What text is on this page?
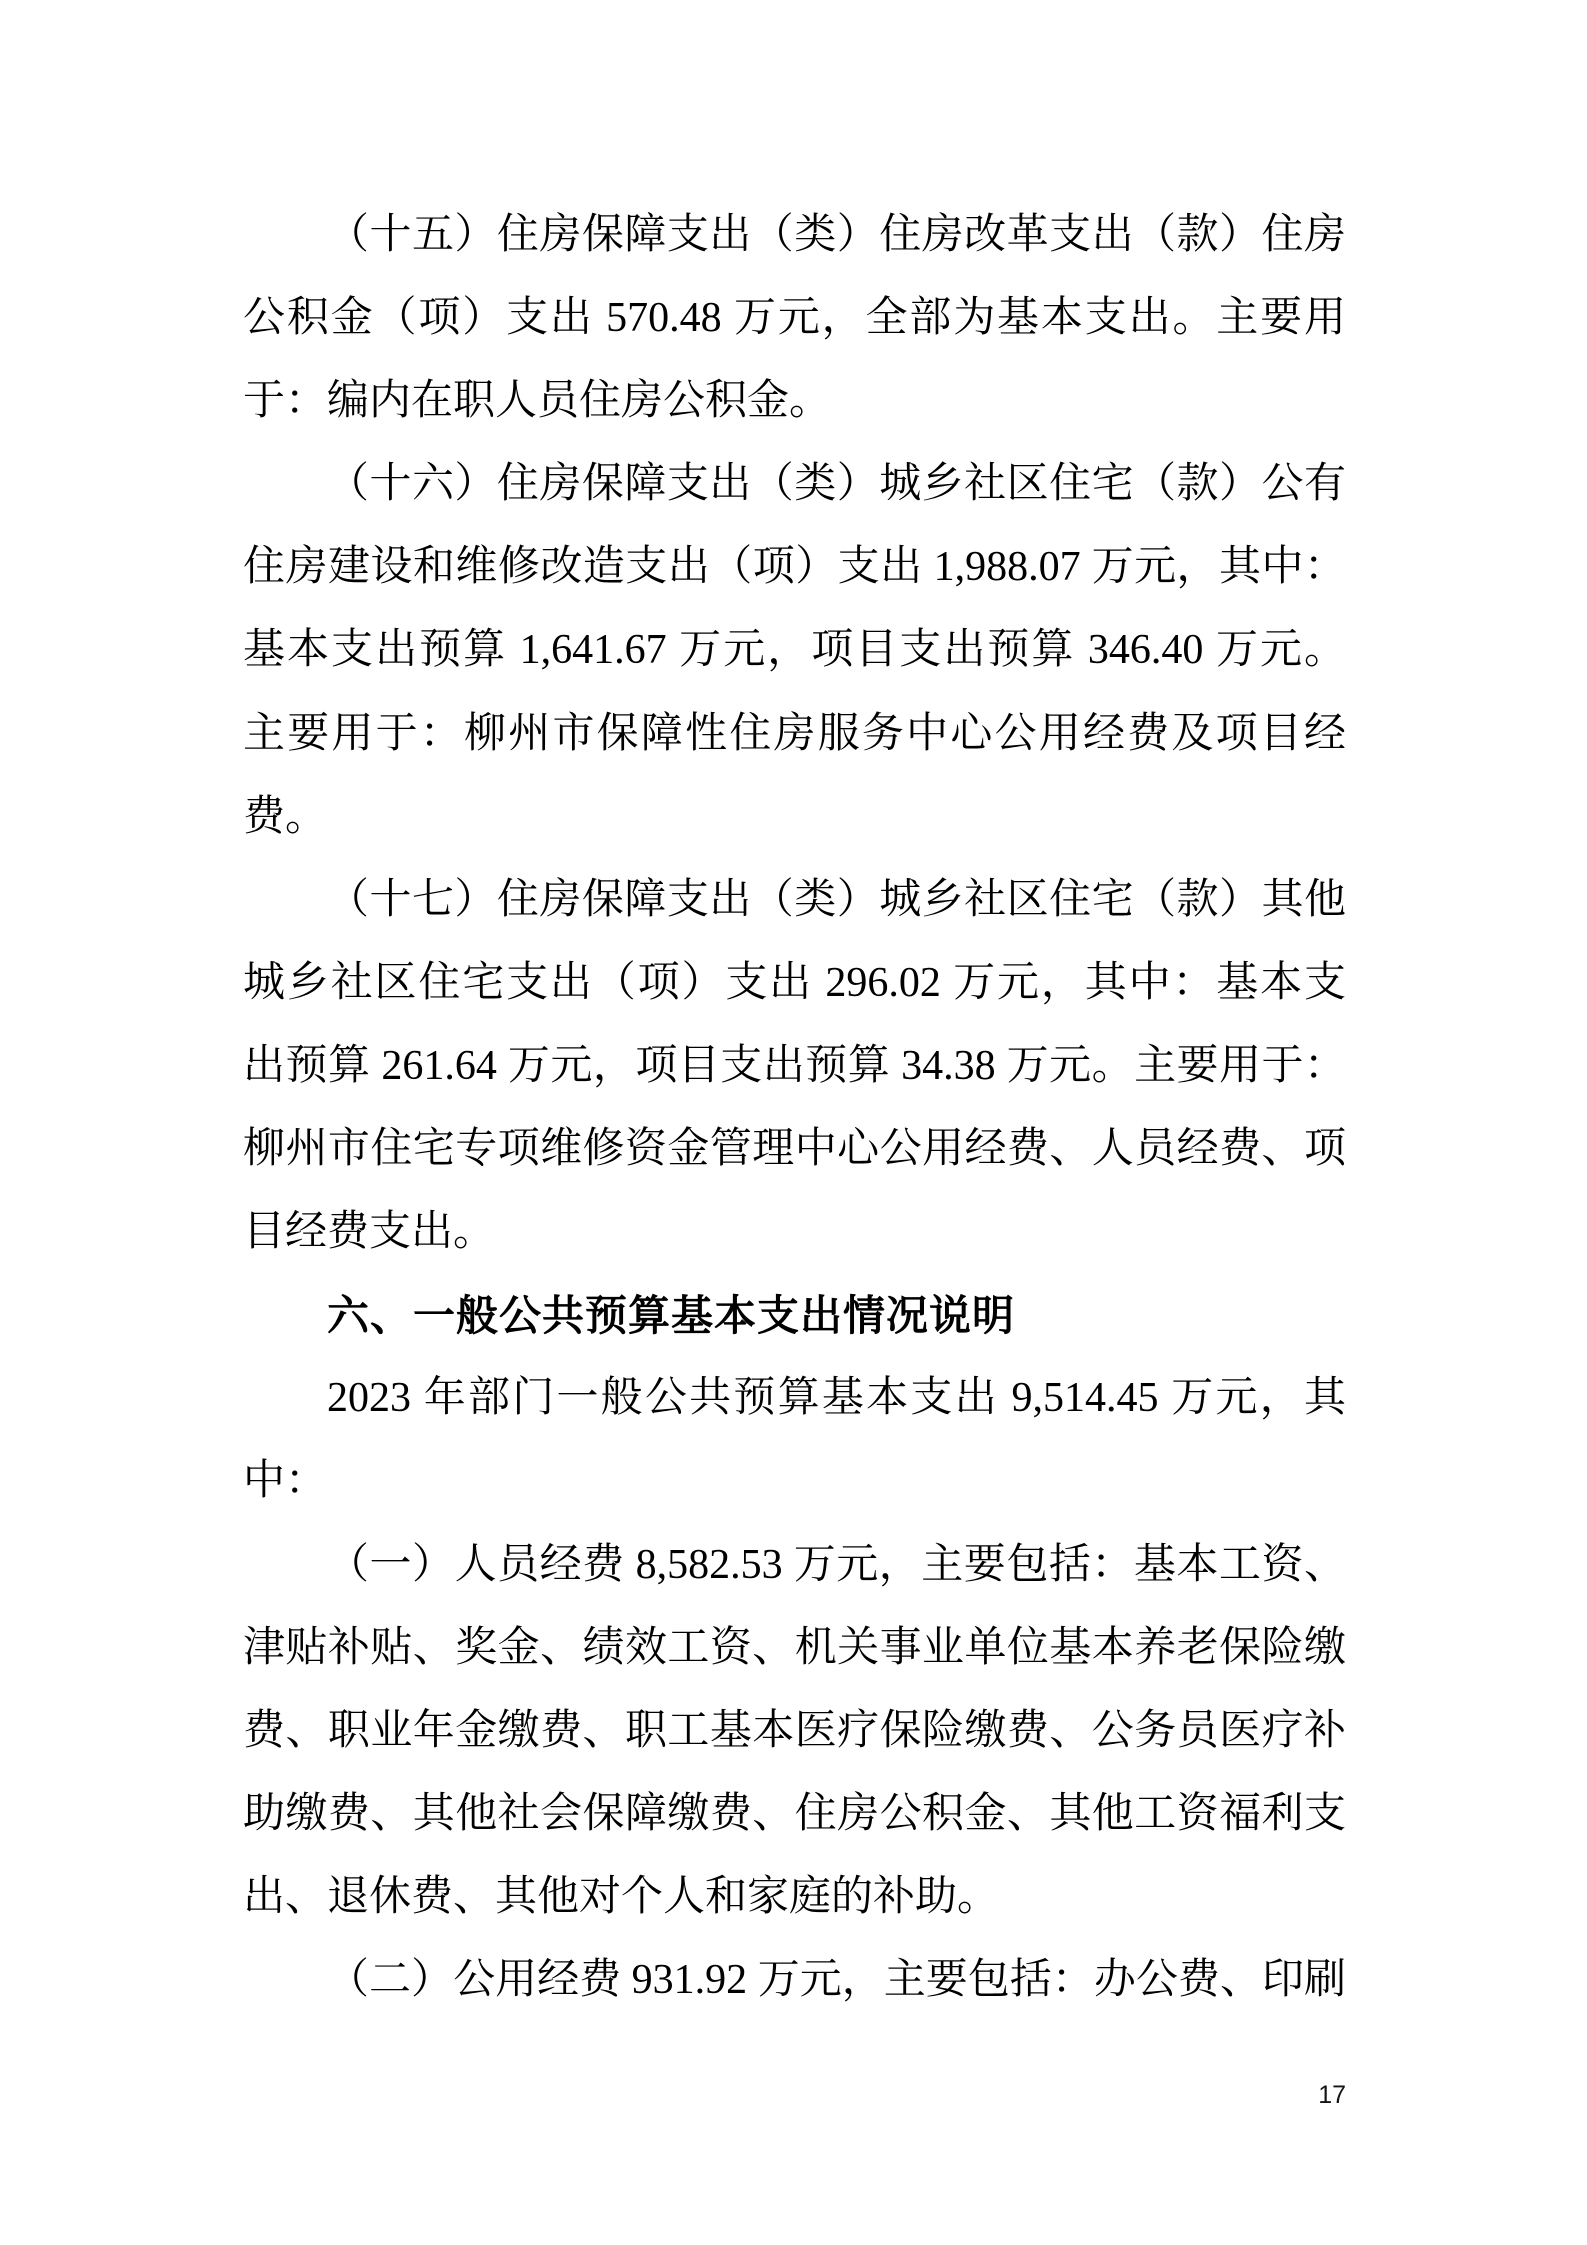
（十五）住房保障支出（类）住房改革支出（款）住房
公积金（项）支出 570.48 万元，全部为基本支出。主要用
于：编内在职人员住房公积金。
（十六）住房保障支出（类）城乡社区住宅（款）公有
住房建设和维修改造支出（项）支出 1,988.07 万元，其中：
基本支出预算 1,641.67 万元，项目支出预算 346.40 万元。
主要用于：柳州市保障性住房服务中心公用经费及项目经
费。
（十七）住房保障支出（类）城乡社区住宅（款）其他
城乡社区住宅支出（项）支出 296.02 万元，其中：基本支
出预算 261.64 万元，项目支出预算 34.38 万元。主要用于：
柳州市住宅专项维修资金管理中心公用经费、人员经费、项
目经费支出。
六、一般公共预算基本支出情况说明
2023 年部门一般公共预算基本支出 9,514.45 万元，其
中：
（一）人员经费 8,582.53 万元，主要包括：基本工资、
津贴补贴、奖金、绩效工资、机关事业单位基本养老保险缴
费、职业年金缴费、职工基本医疗保险缴费、公务员医疗补
助缴费、其他社会保障缴费、住房公积金、其他工资福利支
出、退休费、其他对个人和家庭的补助。
（二）公用经费 931.92 万元，主要包括：办公费、印刷
17
